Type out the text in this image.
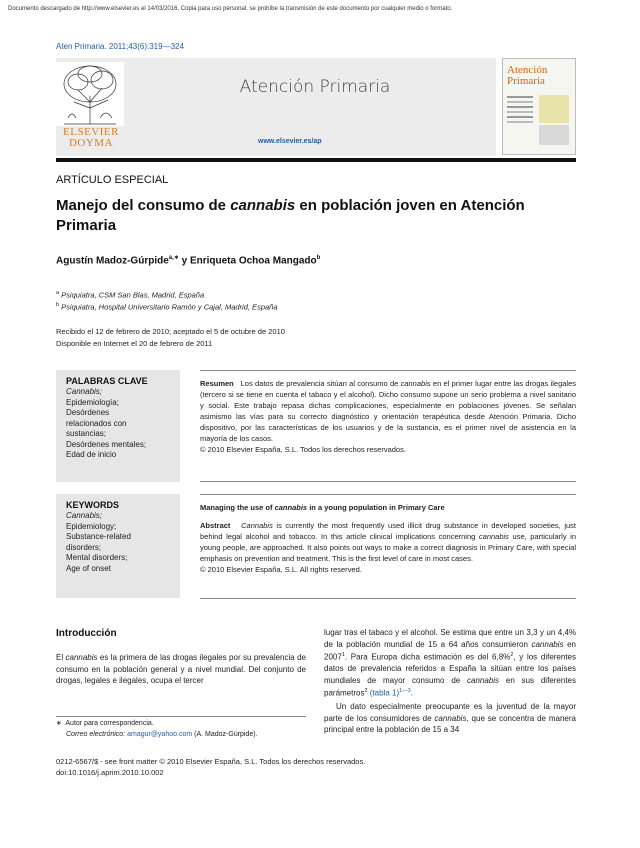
Documento descargado de http://www.elsevier.es el 14/03/2016. Copia para uso personal, se prohíbe la transmisión de este documento por cualquier medio o formato.
Aten Primaria. 2011;43(6):319—324
ELSEVIER
DOYMA
Atención Primaria
www.elsevier.es/ap
Atención
Primaria
ARTÍCULO ESPECIAL
Manejo del consumo de cannabis en población joven en Atención Primaria
Agustín Madoz-Gúrpide$^{a,∗}$ y Enriqueta Ochoa Mangado$^b$
$^a$ Psiquiatra, CSM San Blas, Madrid, España
$^b$ Psiquiatra, Hospital Universitario Ramón y Cajal, Madrid, España
Recibido el 12 de febrero de 2010; aceptado el 5 de octubre de 2010
Disponible en Internet el 20 de febrero de 2011
PALABRAS CLAVE
Cannabis;
Epidemiología;
Desórdenes
relacionados con
sustancias;
Desórdenes mentales;
Edad de inicio
Resumen Los datos de prevalencia sitúan al consumo de cannabis en el primer lugar entre las drogas ilegales (tercero si se tiene en cuenta el tabaco y el alcohol). Dicho consumo supone un serio problema a nivel sanitario y social. Este trabajo repasa dichas complicaciones, especialmente en poblaciones jóvenes. Se señalan asimismo las vías para su correcto diagnóstico y orientación terapéutica desde Atención Primaria. Dicho dispositivo, por las características de los usuarios y de la sustancia, es el primer nivel de asistencia en la mayoría de los casos.
© 2010 Elsevier España, S.L. Todos los derechos reservados.
KEYWORDS
Cannabis;
Epidemiology;
Substance-related
disorders;
Mental disorders;
Age of onset
Managing the use of cannabis in a young population in Primary Care
Abstract Cannabis is currently the most frequently used illicit drug substance in developed societies, just behind legal alcohol and tobacco. In this article clinical implications concerning cannabis use, particularly in young people, are approached. It also points out ways to make a correct diagnosis in Primary Care, with special emphasis on prevention and treatment. This is the first level of care in most cases.
© 2010 Elsevier España, S.L. All rights reserved.
Introducción
El cannabis es la primera de las drogas ilegales por su prevalencia de consumo en la población general y a nivel mundial. Del conjunto de drogas, legales e ilegales, ocupa el tercer
lugar tras el tabaco y el alcohol. Se estima que entre un 3,3 y un 4,4% de la población mundial de 15 a 64 años consumieron cannabis en 2007$^1$. Para Europa dicha estimación es del 6,8%$^2$, y los diferentes datos de prevalencia referidos a España la sitúan entre los países mundiales de mayor consumo de cannabis en sus diferentes parámetros$^2$ (tabla 1)$^{1—3}$.
Un dato especialmente preocupante es la juventud de la mayor parte de los consumidores de cannabis, que se concentra de manera principal entre la población de 15 a 34
∗ Autor para correspondencia.
Correo electrónico: amagur@yahoo.com (A. Madoz-Gúrpide).
0212-6567/$ - see front matter © 2010 Elsevier España, S.L. Todos los derechos reservados.
doi:10.1016/j.aprim.2010.10.002
